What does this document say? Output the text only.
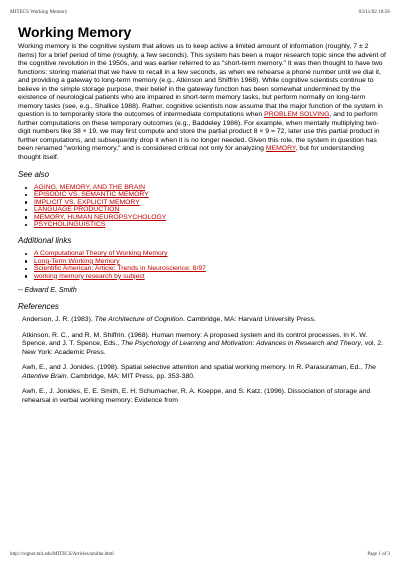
MITECS Working Memory	03/11/02 18:56
Working Memory

Working memory is the cognitive system that allows us to keep active a limited amount of information (roughly, 7 ± 2 items) for a brief period of time (roughly, a few seconds). This system has been a major research topic since the advent of the cognitive revolution in the 1950s, and was earlier referred to as "short-term memory." It was then thought to have two functions: storing material that we have to recall in a few seconds, as when we rehearse a phone number until we dial it, and providing a gateway to long-term memory (e.g., Atkinson and Shiffrin 1968). While cognitive scientists continue to believe in the simple storage purpose, their belief in the gateway function has been somewhat undermined by the existence of neurological patients who are impaired in short-term memory tasks, but perform normally on long-term memory tasks (see, e.g., Shallice 1988). Rather, cognitive scientists now assume that the major function of the system in question is to temporarily store the outcomes of intermediate computations when PROBLEM SOLVING, and to perform further computations on these temporary outcomes (e.g., Baddeley 1986). For example, when mentally multiplying two-digit numbers like 38 × 19, we may first compute and store the partial product 8 × 9 = 72, later use this partial product in further computations, and subsequently drop it when it is no longer needed. Given this role, the system in question has been renamed "working memory," and is considered critical not only for analyzing MEMORY, but for understanding thought itself.

See also
AGING, MEMORY, AND THE BRAIN
EPISODIC VS. SEMANTIC MEMORY
IMPLICIT VS. EXPLICIT MEMORY
LANGUAGE PRODUCTION
MEMORY, HUMAN NEUROPSYCHOLOGY
PSYCHOLINGUISTICS
Additional links
A Computational Theory of Working Memory
Long-Term Working Memory
Scientific American: Article: Trends in Neuroscience: 8/97
working memory research by subject
-- Edward E. Smith
References

Anderson, J. R. (1983). The Architecture of Cognition. Cambridge, MA: Harvard University Press.

Atkinson, R. C., and R. M. Shiffrin. (1968). Human memory: A proposed system and its control processes. In K. W. Spence, and J. T. Spence, Eds., The Psychology of Learning and Motivation: Advances in Research and Theory, vol. 2. New York: Academic Press.

Awh, E., and J. Jonides. (1998). Spatial selective attention and spatial working memory. In R. Parasuraman, Ed., The Attentive Brain. Cambridge, MA: MIT Press, pp. 353-380.

Awh, E., J. Jonides, E. E. Smith, E. H. Schumacher, R. A. Koeppe, and S. Katz. (1996). Dissociation of storage and rehearsal in verbal working memory: Evidence from

http://cognet.mit.edu/MITECS/Articles/smithe.html	Page 1 of 3
